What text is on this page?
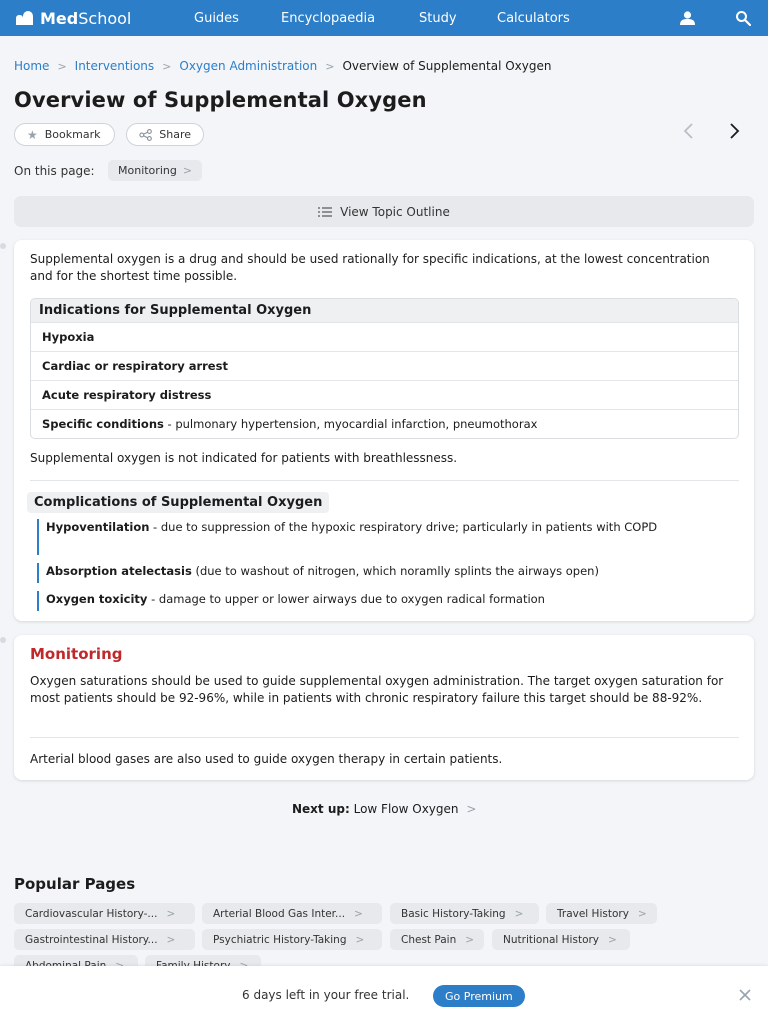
MedSchool	Guides	Encyclopaedia	Study	Calculators
Home > Interventions > Oxygen Administration > Overview of Supplemental Oxygen
Overview of Supplemental Oxygen
★ Bookmark	Share
On this page: Monitoring >
View Topic Outline

Supplemental oxygen is a drug and should be used rationally for specific indications, at the lowest concentration and for the shortest time possible.

Indications for Supplemental Oxygen
Hypoxia
Cardiac or respiratory arrest
Acute respiratory distress
Specific conditions - pulmonary hypertension, myocardial infarction, pneumothorax

Supplemental oxygen is not indicated for patients with breathlessness.

Complications of Supplemental Oxygen
Hypoventilation - due to suppression of the hypoxic respiratory drive; particularly in patients with COPD
Absorption atelectasis (due to washout of nitrogen, which noramlly splints the airways open)
Oxygen toxicity - damage to upper or lower airways due to oxygen radical formation
Monitoring

Oxygen saturations should be used to guide supplemental oxygen administration. The target oxygen saturation for most patients should be 92-96%, while in patients with chronic respiratory failure this target should be 88-92%.

Arterial blood gases are also used to guide oxygen therapy in certain patients.

Next up: Low Flow Oxygen >
Popular Pages
Cardiovascular History-... >	Arterial Blood Gas Inter... >	Basic History-Taking >	Travel History >
Gastrointestinal History... >	Psychiatric History-Taking >	Chest Pain >	Nutritional History >
6 days left in your free trial.	Go Premium
